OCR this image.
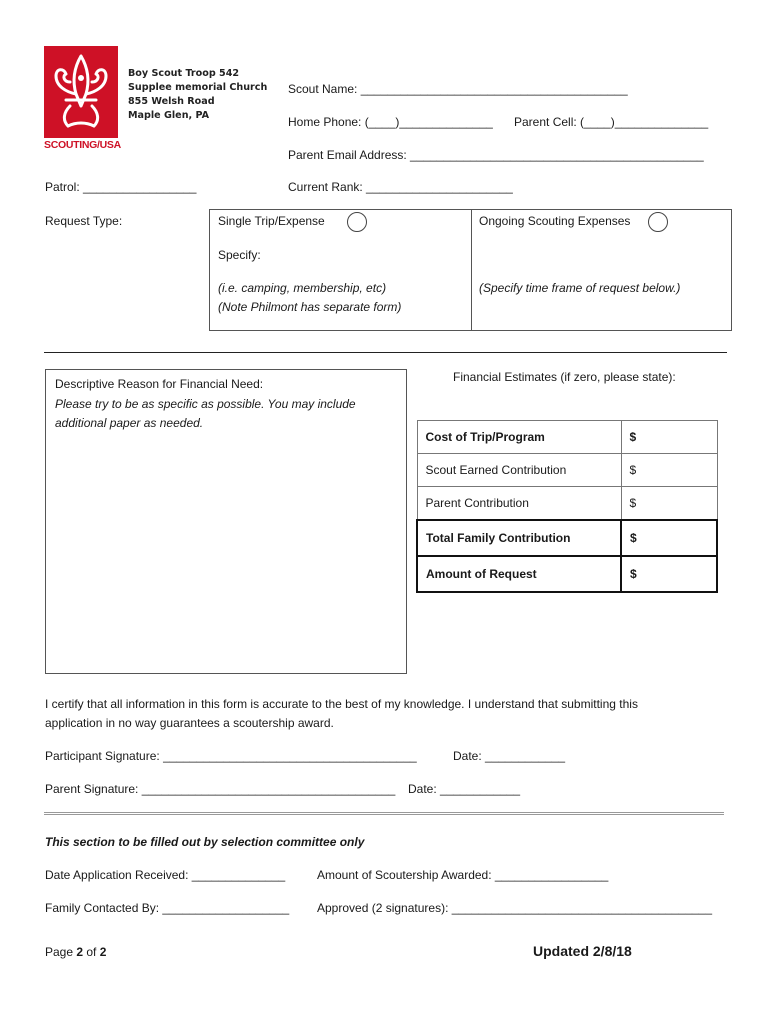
SCOUTING/USA
Boy Scout Troop 542
Supplee memorial Church
855 Welsh Road
Maple Glen, PA
Scout Name: ________________________________________
Home Phone: (____)______________ Parent Cell: (____)______________
Parent Email Address: ____________________________________________
Patrol: _________________	Current Rank: ______________________
Request Type:	Single Trip/Expense	Ongoing Scouting Expenses
Specify:
(i.e. camping, membership, etc)
(Note Philmont has separate form)
(Specify time frame of request below.)
Descriptive Reason for Financial Need:
Please try to be as specific as possible. You may include
additional paper as needed.
Financial Estimates (if zero, please state):
Cost of Trip/Program	$
Scout Earned Contribution	$
Parent Contribution	$
Total Family Contribution	$
Amount of Request	$
I certify that all information in this form is accurate to the best of my knowledge. I understand that submitting this
application in no way guarantees a scoutership award.
Participant Signature: ______________________________________	Date: ____________
Parent Signature: ______________________________________ Date: ____________
This section to be filled out by selection committee only
Date Application Received: ______________	Amount of Scoutership Awarded: _________________
Family Contacted By: ___________________ Approved (2 signatures): _______________________________________
Page 2 of 2	Updated 2/8/18
